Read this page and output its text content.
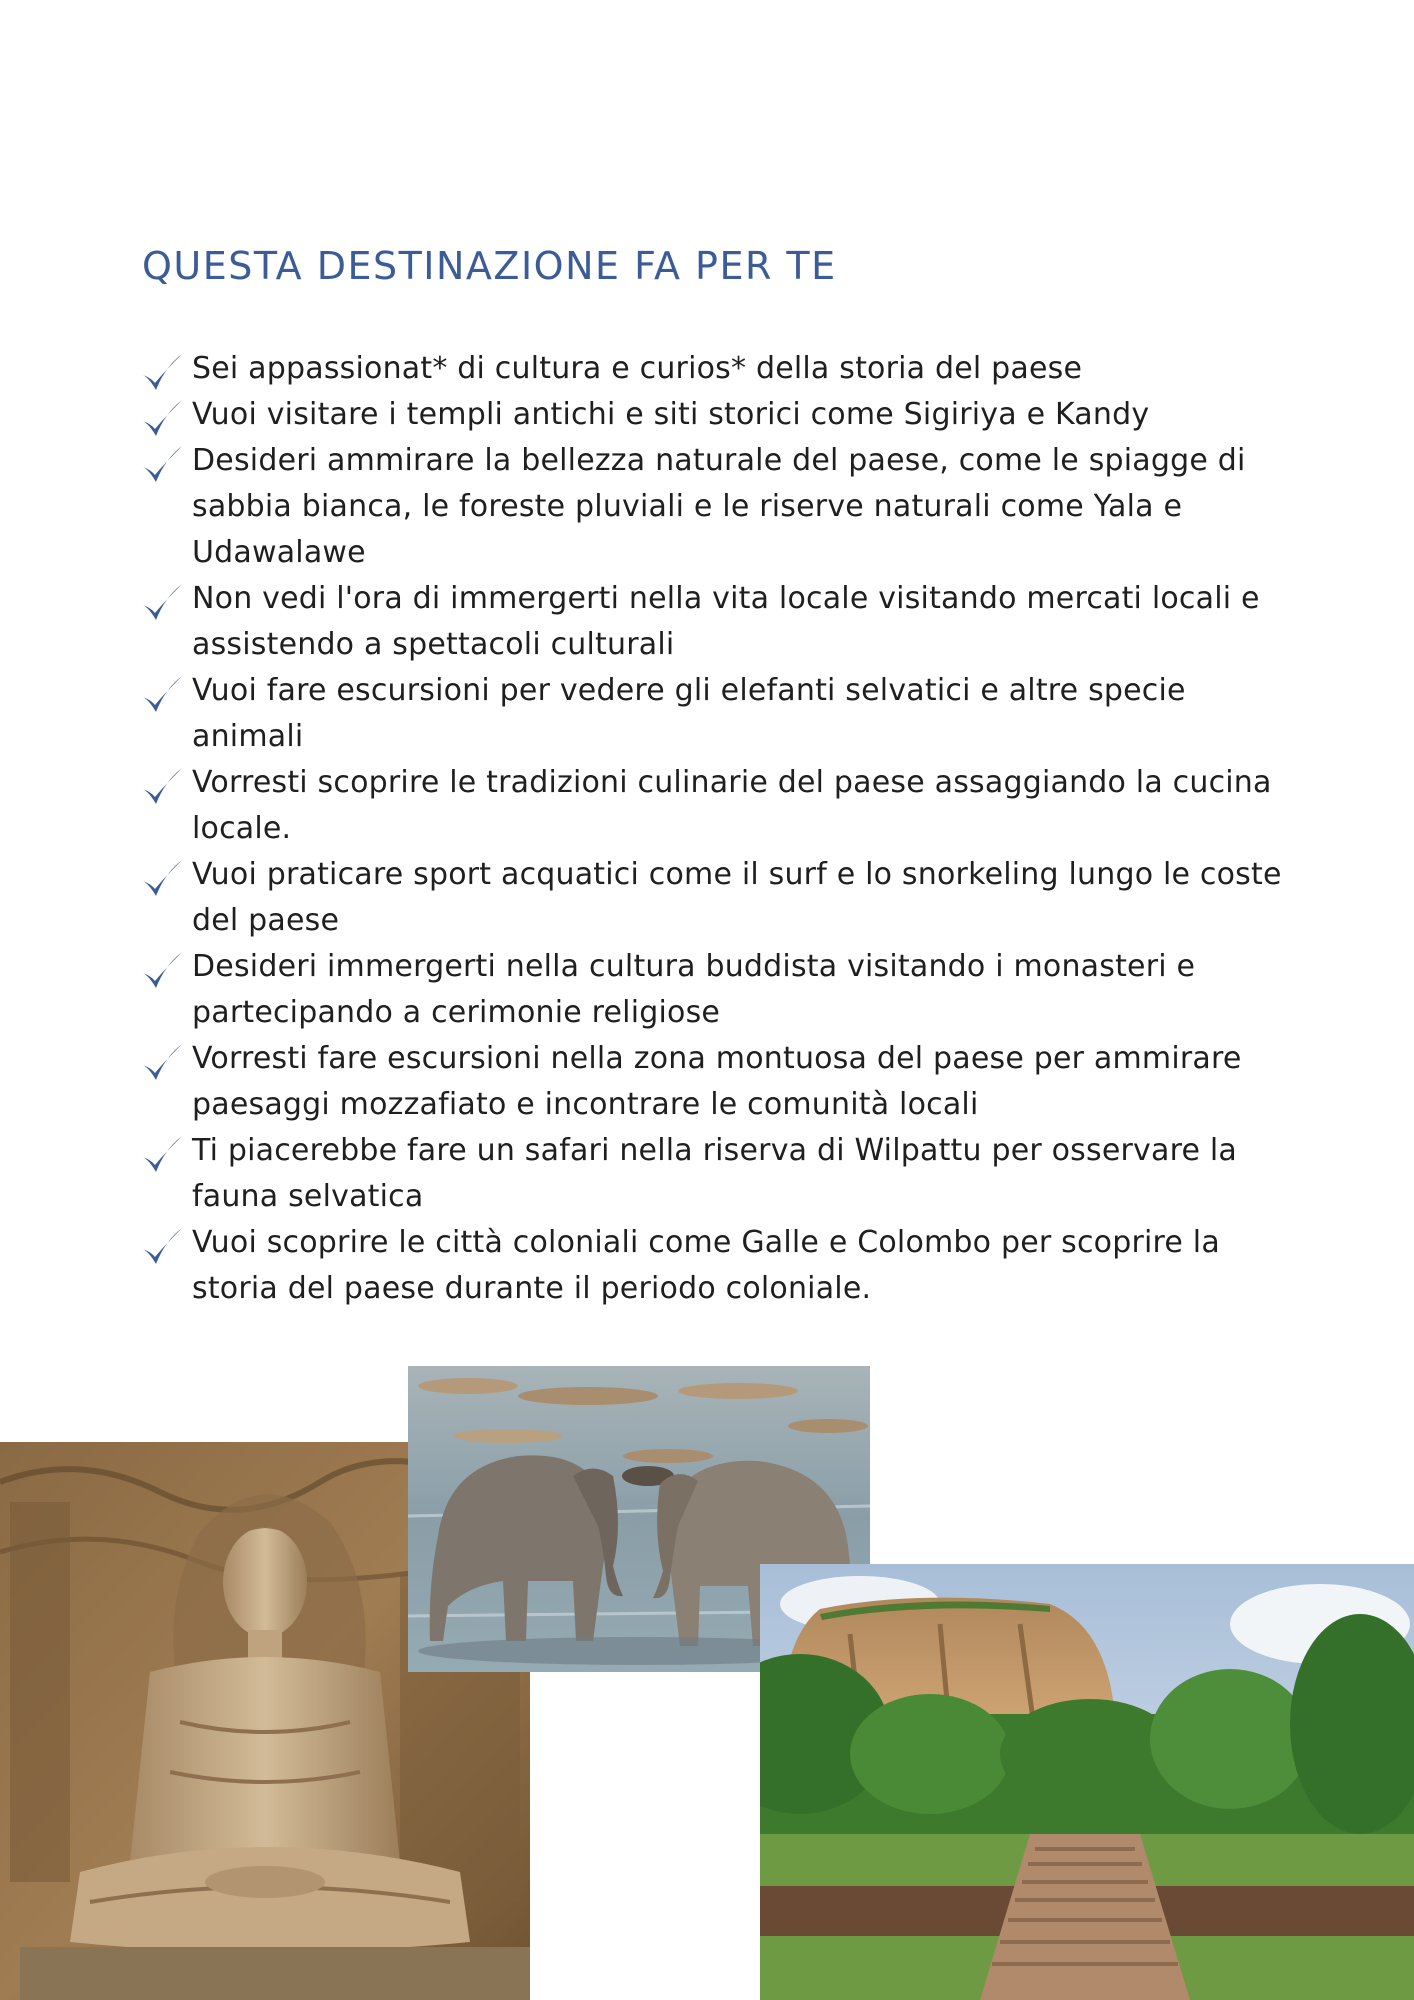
QUESTA DESTINAZIONE FA PER TE
Sei appassionat* di cultura e curios* della storia del paese
Vuoi visitare i templi antichi e siti storici come Sigiriya e Kandy
Desideri ammirare la bellezza naturale del paese, come le spiagge di sabbia bianca, le foreste pluviali e le riserve naturali come Yala e Udawalawe
Non vedi l'ora di immergerti nella vita locale visitando mercati locali e assistendo a spettacoli culturali
Vuoi fare escursioni per vedere gli elefanti selvatici e altre specie animali
Vorresti scoprire le tradizioni culinarie del paese assaggiando la cucina locale.
Vuoi praticare sport acquatici come il surf e lo snorkeling lungo le coste del paese
Desideri immergerti nella cultura buddista visitando i monasteri e partecipando a cerimonie religiose
Vorresti fare escursioni nella zona montuosa del paese per ammirare paesaggi mozzafiato e incontrare le comunità locali
Ti piacerebbe fare un safari nella riserva di Wilpattu per osservare la fauna selvatica
Vuoi scoprire le città coloniali come Galle e Colombo per scoprire la storia del paese durante il periodo coloniale.
